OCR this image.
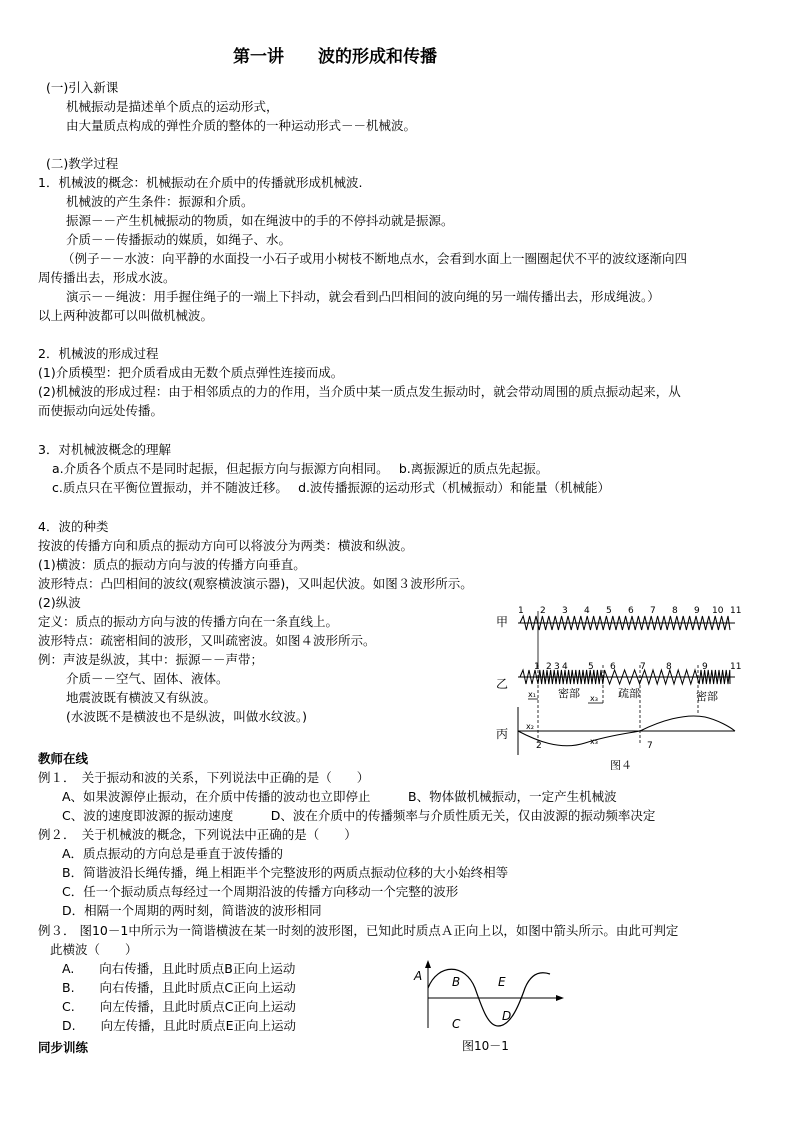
第一讲　　波的形成和传播
(一)引入新课
机械振动是描述单个质点的运动形式，
由大量质点构成的弹性介质的整体的一种运动形式－－机械波。
(二)教学过程
1．机械波的概念：机械振动在介质中的传播就形成机械波.
机械波的产生条件：振源和介质。
振源－－产生机械振动的物质，如在绳波中的手的不停抖动就是振源。
介质－－传播振动的媒质，如绳子、水。
（例子－－水波：向平静的水面投一小石子或用小树枝不断地点水，会看到水面上一圈圈起伏不平的波纹逐渐向四
周传播出去，形成水波。
演示－－绳波：用手握住绳子的一端上下抖动，就会看到凸凹相间的波向绳的另一端传播出去，形成绳波。）
以上两种波都可以叫做机械波。
2．机械波的形成过程
(1)介质模型：把介质看成由无数个质点弹性连接而成。
(2)机械波的形成过程：由于相邻质点的力的作用，当介质中某一质点发生振动时，就会带动周围的质点振动起来，从
而使振动向远处传播。
3．对机械波概念的理解
a.介质各个质点不是同时起振，但起振方向与振源方向相同。　 b.离振源近的质点先起振。
c.质点只在平衡位置振动，并不随波迁移。　 d.波传播振源的运动形式（机械振动）和能量（机械能）
4．波的种类
按波的传播方向和质点的振动方向可以将波分为两类：横波和纵波。
(1)横波：质点的振动方向与波的传播方向垂直。
波形特点：凸凹相间的波纹(观察横波演示器)，又叫起伏波。如图３波形所示。
(2)纵波
定义：质点的振动方向与波的传播方向在一条直线上。
波形特点：疏密相间的波形，又叫疏密波。如图４波形所示。
例：声波是纵波，其中：振源－－声带；
介质－－空气、固体、液体。
地震波既有横波又有纵波。
(水波既不是横波也不是纵波，叫做水纹波。)
教师在线
例１．　关于振动和波的关系，下列说法中正确的是（　　）
A、如果波源停止振动，在介质中传播的波动也立即停止　　　B、物体做机械振动，一定产生机械波
C、波的速度即波源的振动速度　　　D、波在介质中的传播频率与介质性质无关，仅由波源的振动频率决定
例２．　关于机械波的概念，下列说法中正确的是（　　）
A．质点振动的方向总是垂直于波传播的
B．简谐波沿长绳传播，绳上相距半个完整波形的两质点振动位移的大小始终相等
C．任一个振动质点每经过一个周期沿波的传播方向移动一个完整的波形
D．相隔一个周期的两时刻，简谐波的波形相同
例３． 图10－1中所示为一简谐横波在某一时刻的波形图，已知此时质点Ａ正向上以，如图中箭头所示。由此可判定
此横波（　　）
A.　　向右传播，且此时质点B正向上运动
B.　　向右传播，且此时质点C正向上运动
C.　　向左传播，且此时质点C正向上运动
D.　　向左传播，且此时质点E正向上运动
同步训练
甲
乙
丙
1 2 3 4 5 6 7 8 9 10 11
1 2 3 4 5 6	7 8	9 11
x₁	x₃
密部	疏部	密部
x₂
x₃
2	7
图４
A B
C
D
E
图10－1
